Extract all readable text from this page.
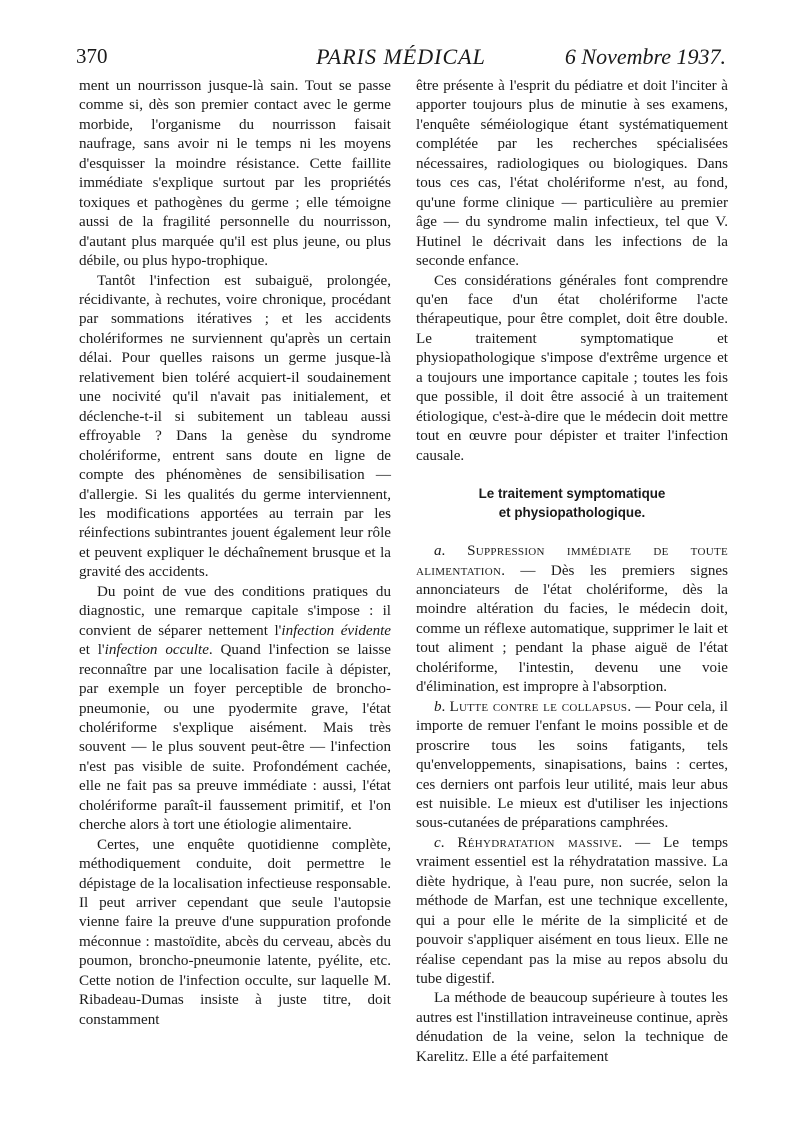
370	PARIS MÉDICAL	6 Novembre 1937.

ment un nourrisson jusque-là sain. Tout se passe comme si, dès son premier contact avec le germe morbide, l'organisme du nourrisson faisait naufrage, sans avoir ni le temps ni les moyens d'esquisser la moindre résistance. Cette faillite immédiate s'explique surtout par les propriétés toxiques et pathogènes du germe ; elle témoigne aussi de la fragilité personnelle du nourrisson, d'autant plus marquée qu'il est plus jeune, ou plus débile, ou plus hypo-trophique.

Tantôt l'infection est subaiguë, prolongée, récidivante, à rechutes, voire chronique, procédant par sommations itératives ; et les accidents cholériformes ne surviennent qu'après un certain délai. Pour quelles raisons un germe jusque-là relativement bien toléré acquiert-il soudainement une nocivité qu'il n'avait pas initialement, et déclenche-t-il si subitement un tableau aussi effroyable ? Dans la genèse du syndrome cholériforme, entrent sans doute en ligne de compte des phénomènes de sensibilisation — d'allergie. Si les qualités du germe interviennent, les modifications apportées au terrain par les réinfections subintrantes jouent également leur rôle et peuvent expliquer le déchaînement brusque et la gravité des accidents.

Du point de vue des conditions pratiques du diagnostic, une remarque capitale s'impose : il convient de séparer nettement l'infection évidente et l'infection occulte. Quand l'infection se laisse reconnaître par une localisation facile à dépister, par exemple un foyer perceptible de broncho-pneumonie, ou une pyodermite grave, l'état cholériforme s'explique aisément. Mais très souvent — le plus souvent peut-être — l'infection n'est pas visible de suite. Profondément cachée, elle ne fait pas sa preuve immédiate : aussi, l'état cholériforme paraît-il faussement primitif, et l'on cherche alors à tort une étiologie alimentaire.

Certes, une enquête quotidienne complète, méthodiquement conduite, doit permettre le dépistage de la localisation infectieuse responsable. Il peut arriver cependant que seule l'autopsie vienne faire la preuve d'une suppuration profonde méconnue : mastoïdite, abcès du cerveau, abcès du poumon, broncho-pneumonie latente, pyélite, etc. Cette notion de l'infection occulte, sur laquelle M. Ribadeau-Dumas insiste à juste titre, doit constamment

être présente à l'esprit du pédiatre et doit l'inciter à apporter toujours plus de minutie à ses examens, l'enquête séméiologique étant systématiquement complétée par les recherches spécialisées nécessaires, radiologiques ou biologiques. Dans tous ces cas, l'état cholériforme n'est, au fond, qu'une forme clinique — particulière au premier âge — du syndrome malin infectieux, tel que V. Hutinel le décrivait dans les infections de la seconde enfance.

Ces considérations générales font comprendre qu'en face d'un état cholériforme l'acte thérapeutique, pour être complet, doit être double. Le traitement symptomatique et physiopathologique s'impose d'extrême urgence et a toujours une importance capitale ; toutes les fois que possible, il doit être associé à un traitement étiologique, c'est-à-dire que le médecin doit mettre tout en œuvre pour dépister et traiter l'infection causale.

Le traitement symptomatique
et physiopathologique.

a. Suppression immédiate de toute alimentation. — Dès les premiers signes annonciateurs de l'état cholériforme, dès la moindre altération du facies, le médecin doit, comme un réflexe automatique, supprimer le lait et tout aliment ; pendant la phase aiguë de l'état cholériforme, l'intestin, devenu une voie d'élimination, est impropre à l'absorption.

b. Lutte contre le collapsus. — Pour cela, il importe de remuer l'enfant le moins possible et de proscrire tous les soins fatigants, tels qu'enveloppements, sinapisations, bains : certes, ces derniers ont parfois leur utilité, mais leur abus est nuisible. Le mieux est d'utiliser les injections sous-cutanées de préparations camphrées.

c. Réhydratation massive. — Le temps vraiment essentiel est la réhydratation massive. La diète hydrique, à l'eau pure, non sucrée, selon la méthode de Marfan, est une technique excellente, qui a pour elle le mérite de la simplicité et de pouvoir s'appliquer aisément en tous lieux. Elle ne réalise cependant pas la mise au repos absolu du tube digestif.

La méthode de beaucoup supérieure à toutes les autres est l'instillation intraveineuse continue, après dénudation de la veine, selon la technique de Karelitz. Elle a été parfaitement
